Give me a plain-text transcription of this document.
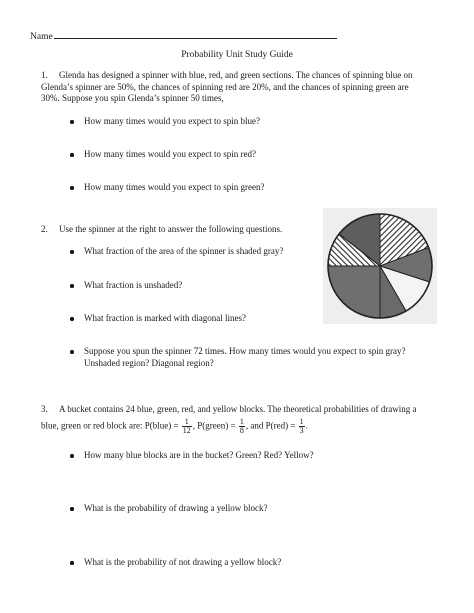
Name
Probability Unit Study Guide
1. Glenda has designed a spinner with blue, red, and green sections. The chances of spinning blue on
Glenda’s spinner are 50%, the chances of spinning red are 20%, and the chances of spinning green are
30%. Suppose you spin Glenda’s spinner 50 times,
How many times would you expect to spin blue?
How many times would you expect to spin red?
How many times would you expect to spin green?
2. Use the spinner at the right to answer the following questions.
What fraction of the area of the spinner is shaded gray?
What fraction is unshaded?
What fraction is marked with diagonal lines?
Suppose you spun the spinner 72 times. How many times would you expect to spin gray?
Unshaded region? Diagonal region?
3. A bucket contains 24 blue, green, red, and yellow blocks. The theoretical probabilities of drawing a
blue, green or red block are: P(blue) = $\frac{1}{12}$ , P(green) = $\frac{1}{8}$ , and $P(red) = \frac{1}{3}$ .
How many blue blocks are in the bucket? Green? Red? Yellow?
What is the probability of drawing a yellow block?
What is the probability of not drawing a yellow block?
